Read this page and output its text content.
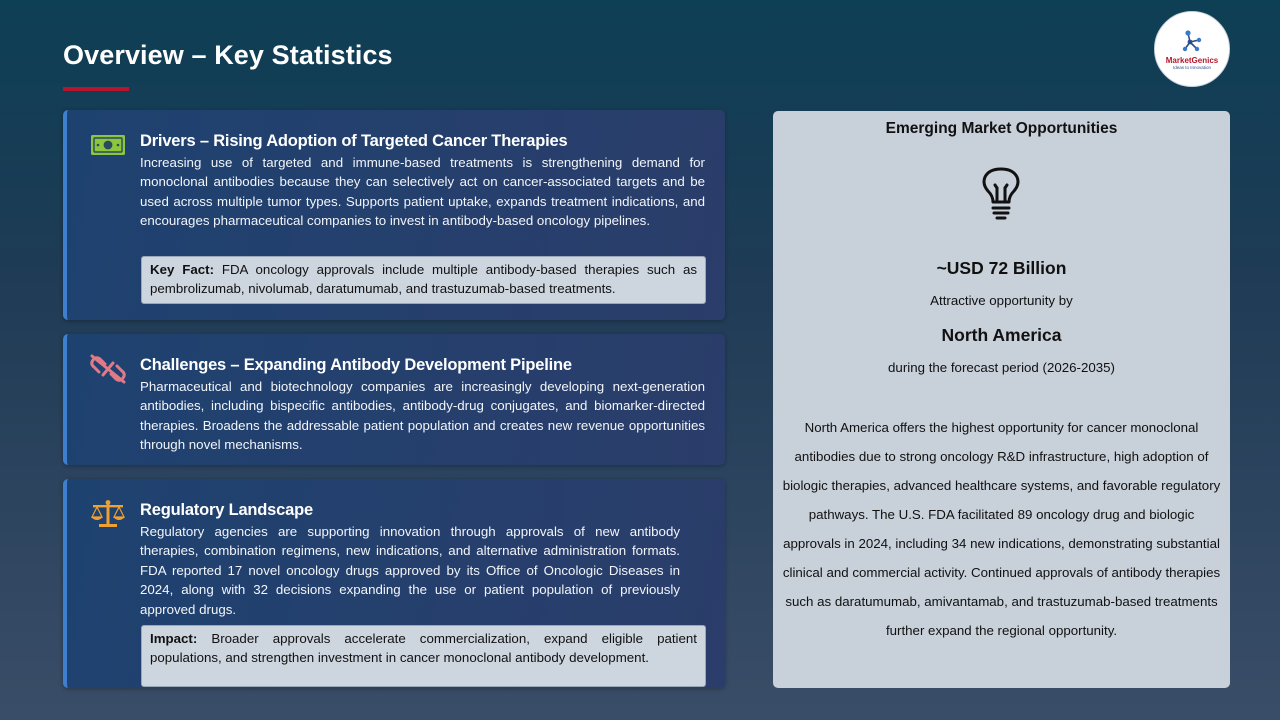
Overview – Key Statistics	MarketGenics
Ideas to Innovation
Drivers – Rising Adoption of Targeted Cancer Therapies
Increasing use of targeted and immune-based treatments is strengthening demand for monoclonal antibodies because they can selectively act on cancer-associated targets and be used across multiple tumor types. Supports patient uptake, expands treatment indications, and encourages pharmaceutical companies to invest in antibody-based oncology pipelines.
Key Fact: FDA oncology approvals include multiple antibody-based therapies such as pembrolizumab, nivolumab, daratumumab, and trastuzumab-based treatments.
Challenges – Expanding Antibody Development Pipeline
Pharmaceutical and biotechnology companies are increasingly developing next-generation antibodies, including bispecific antibodies, antibody-drug conjugates, and biomarker-directed therapies. Broadens the addressable patient population and creates new revenue opportunities through novel mechanisms.
Regulatory Landscape
Regulatory agencies are supporting innovation through approvals of new antibody therapies, combination regimens, new indications, and alternative administration formats. FDA reported 17 novel oncology drugs approved by its Office of Oncologic Diseases in 2024, along with 32 decisions expanding the use or patient population of previously approved drugs.
Impact: Broader approvals accelerate commercialization, expand eligible patient populations, and strengthen investment in cancer monoclonal antibody development.
Emerging Market Opportunities
~USD 72 Billion
Attractive opportunity by
North America
during the forecast period (2026-2035)
North America offers the highest opportunity for cancer monoclonal antibodies due to strong oncology R&D infrastructure, high adoption of biologic therapies, advanced healthcare systems, and favorable regulatory pathways. The U.S. FDA facilitated 89 oncology drug and biologic approvals in 2024, including 34 new indications, demonstrating substantial clinical and commercial activity. Continued approvals of antibody therapies such as daratumumab, amivantamab, and trastuzumab-based treatments further expand the regional opportunity.
